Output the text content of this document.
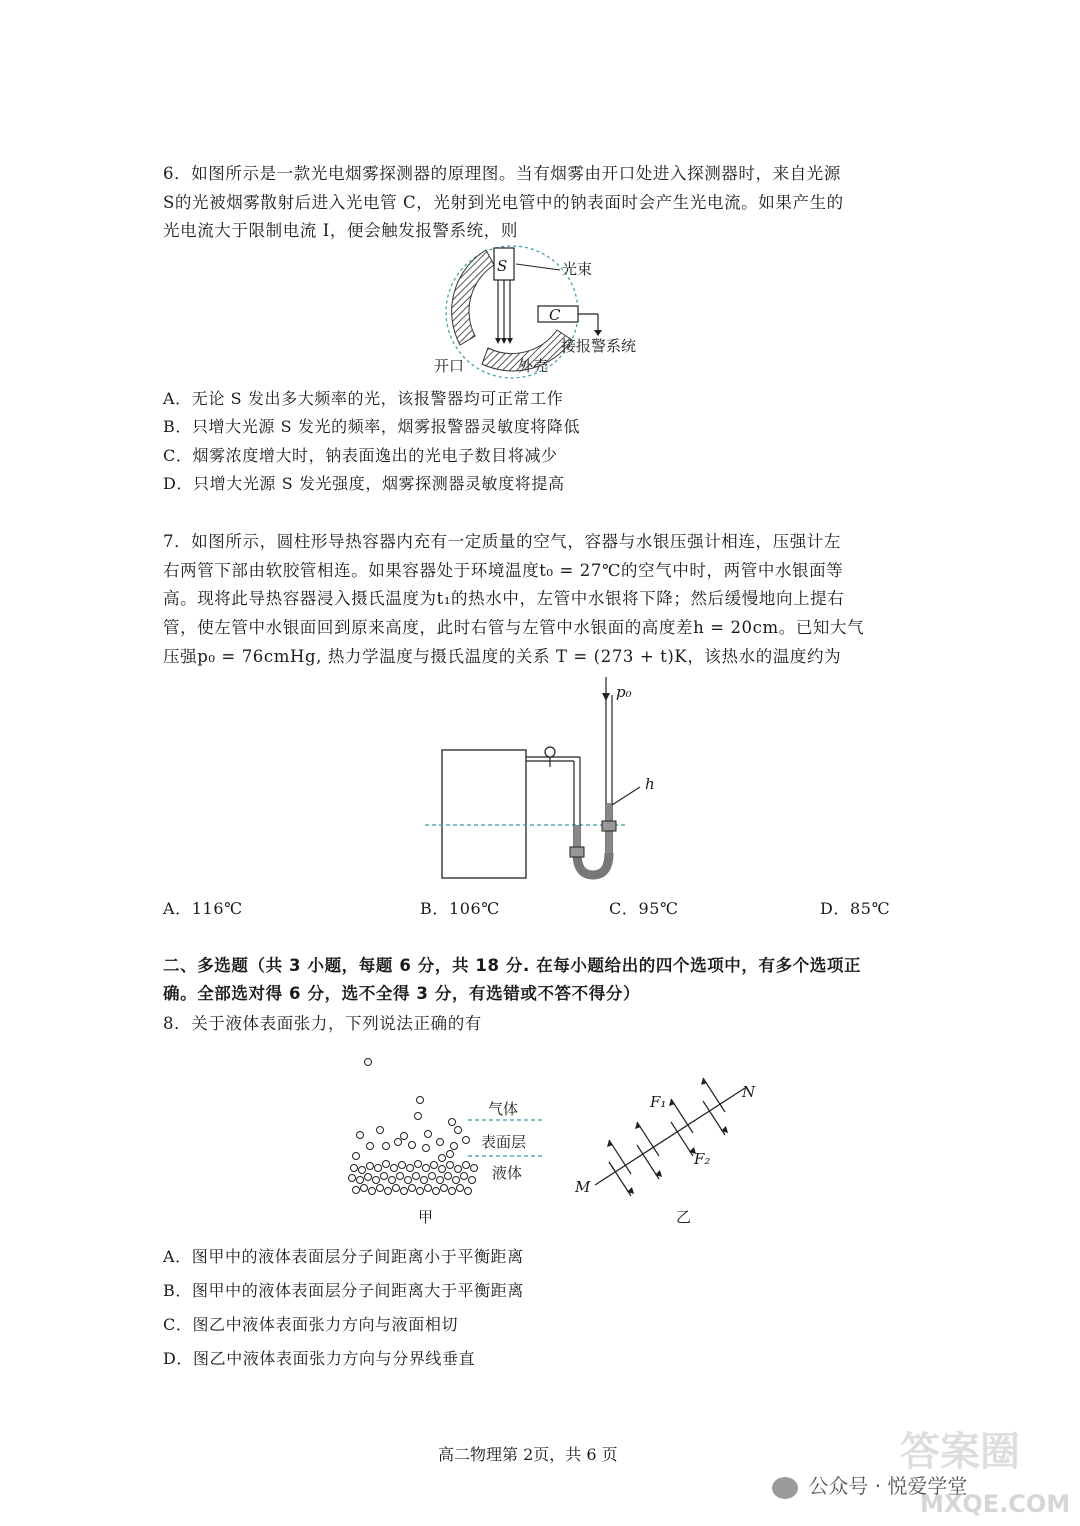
6．如图所示是一款光电烟雾探测器的原理图。当有烟雾由开口处进入探测器时，来自光源
S的光被烟雾散射后进入光电管 C，光射到光电管中的钠表面时会产生光电流。如果产生的
光电流大于限制电流 I，便会触发报警系统，则
S
C
光束
接报警系统
外壳
开口
A．无论 S 发出多大频率的光，该报警器均可正常工作
B．只增大光源 S 发光的频率，烟雾报警器灵敏度将降低
C．烟雾浓度增大时，钠表面逸出的光电子数目将减少
D．只增大光源 S 发光强度，烟雾探测器灵敏度将提高
7．如图所示，圆柱形导热容器内充有一定质量的空气，容器与水银压强计相连，压强计左
右两管下部由软胶管相连。如果容器处于环境温度t₀ = 27℃的空气中时，两管中水银面等
高。现将此导热容器浸入摄氏温度为t₁的热水中，左管中水银将下降；然后缓慢地向上提右
管，使左管中水银面回到原来高度，此时右管与左管中水银面的高度差h = 20cm。已知大气
压强p₀ = 76cmHg, 热力学温度与摄氏温度的关系 T = (273 + t)K，该热水的温度约为
p₀
h
A．116℃	B．106℃	C．95℃	D．85℃
二、多选题（共 3 小题，每题 6 分，共 18 分. 在每小题给出的四个选项中，有多个选项正
确。全部选对得 6 分，选不全得 3 分，有选错或不答不得分）
8．关于液体表面张力，下列说法正确的有
气体
表面层
液体
甲
F₁
F₂
M
N
乙
A．图甲中的液体表面层分子间距离小于平衡距离
B．图甲中的液体表面层分子间距离大于平衡距离
C．图乙中液体表面张力方向与液面相切
D．图乙中液体表面张力方向与分界线垂直
高二物理第 2页，共 6 页
公众号 · 悦爱学堂
答案圈
MXQE.COM
